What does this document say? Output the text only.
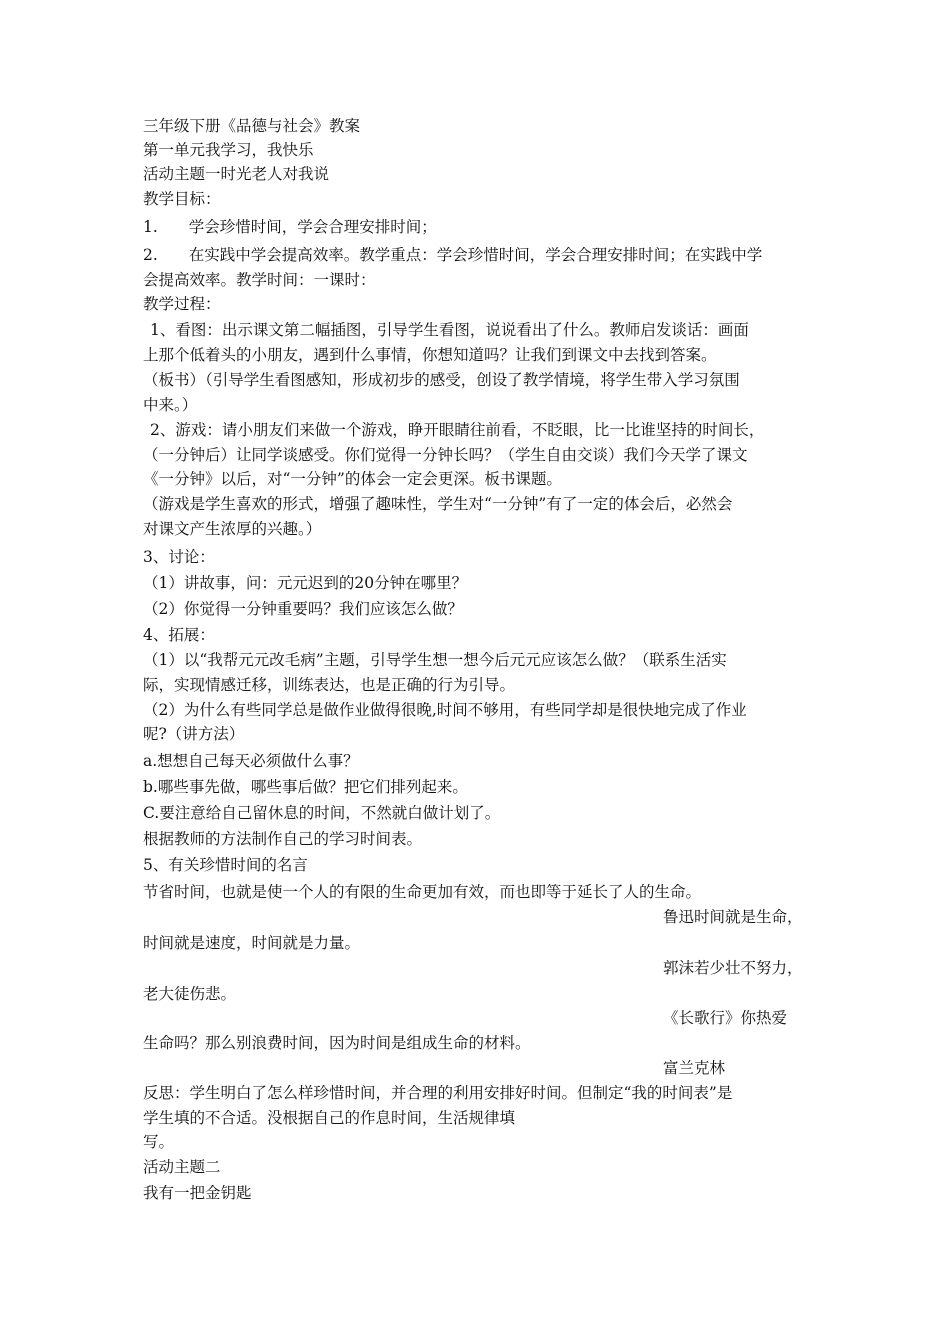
三年级下册《品德与社会》教案
第一单元我学习，我快乐
活动主题一时光老人对我说
教学目标：
1.　　学会珍惜时间，学会合理安排时间；
2.　　在实践中学会提高效率。教学重点：学会珍惜时间，学会合理安排时间；在实践中学
会提高效率。教学时间：一课时：
教学过程：
1、看图：出示课文第二幅插图，引导学生看图，说说看出了什么。教师启发谈话：画面
上那个低着头的小朋友，遇到什么事情，你想知道吗？让我们到课文中去找到答案。
（板书）（引导学生看图感知，形成初步的感受，创设了教学情境，将学生带入学习氛围
中来。）
2、游戏：请小朋友们来做一个游戏，睁开眼睛往前看，不眨眼，比一比谁坚持的时间长，
（一分钟后）让同学谈感受。你们觉得一分钟长吗？（学生自由交谈）我们今天学了课文
《一分钟》以后，对“一分钟”的体会一定会更深。板书课题。
（游戏是学生喜欢的形式，增强了趣味性，学生对“一分钟”有了一定的体会后，必然会
对课文产生浓厚的兴趣。）
3、讨论：
（1）讲故事，问：元元迟到的20分钟在哪里？
（2）你觉得一分钟重要吗？我们应该怎么做？
4、拓展：
（1）以“我帮元元改毛病”主题，引导学生想一想今后元元应该怎么做？（联系生活实
际，实现情感迁移，训练表达，也是正确的行为引导。
（2）为什么有些同学总是做作业做得很晚,时间不够用，有些同学却是很快地完成了作业
呢?（讲方法）
a.想想自己每天必须做什么事？
b.哪些事先做，哪些事后做？把它们排列起来。
C.要注意给自己留休息的时间，不然就白做计划了。
根据教师的方法制作自己的学习时间表。
5、有关珍惜时间的名言
节省时间，也就是使一个人的有限的生命更加有效，而也即等于延长了人的生命。
鲁迅时间就是生命，
时间就是速度，时间就是力量。
郭沫若少壮不努力，
老大徒伤悲。
《长歌行》你热爱
生命吗？那么别浪费时间，因为时间是组成生命的材料。
富兰克林
反思：学生明白了怎么样珍惜时间，并合理的利用安排好时间。但制定“我的时间表”是
学生填的不合适。没根据自己的作息时间，生活规律填
写。
活动主题二
我有一把金钥匙
